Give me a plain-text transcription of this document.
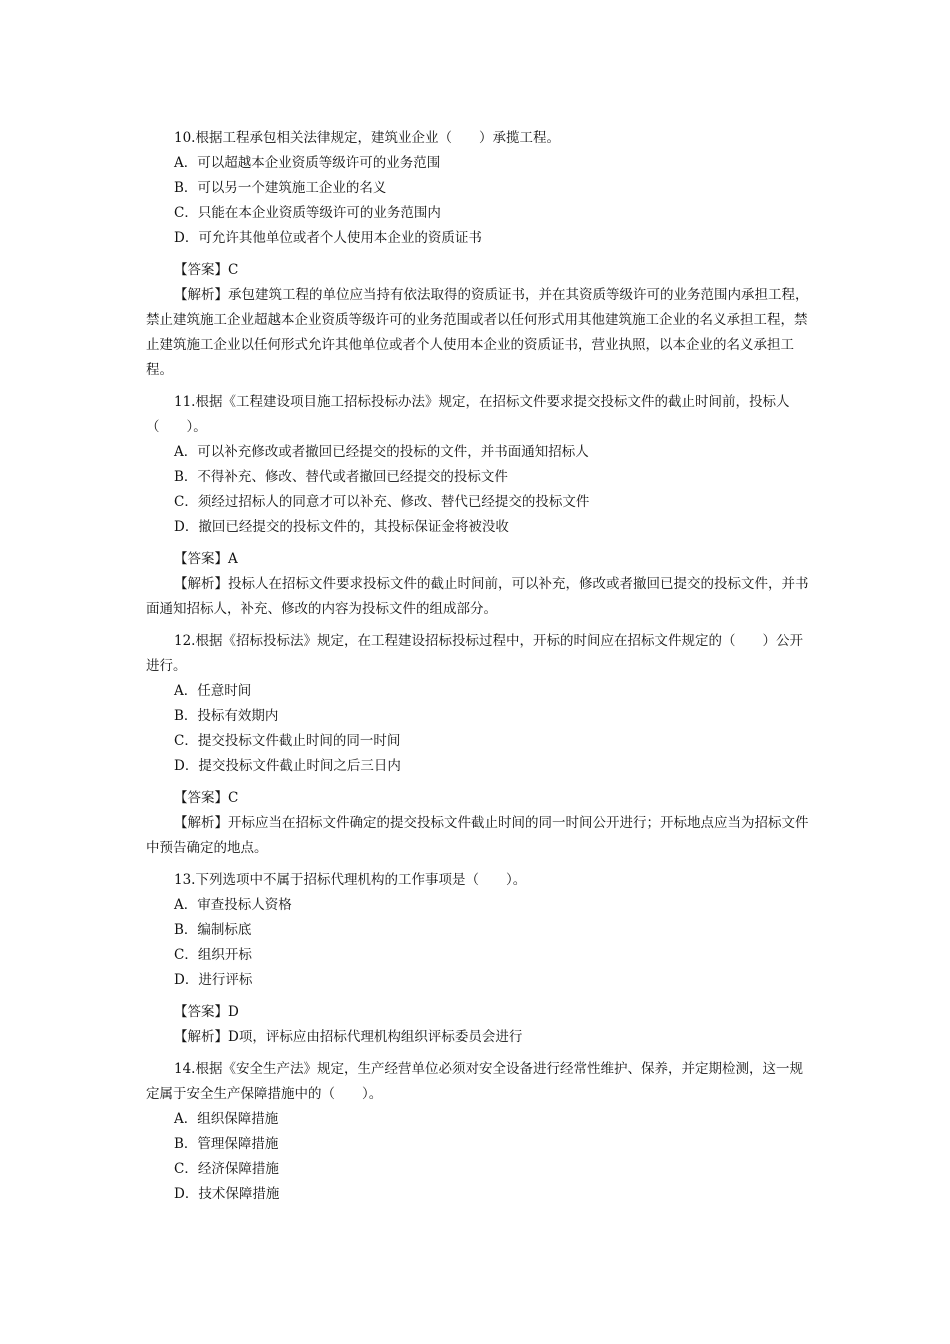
10.根据工程承包相关法律规定，建筑业企业（　　）承揽工程。

A．可以超越本企业资质等级许可的业务范围

B．可以另一个建筑施工企业的名义

C．只能在本企业资质等级许可的业务范围内

D．可允许其他单位或者个人使用本企业的资质证书

【答案】C

【解析】承包建筑工程的单位应当持有依法取得的资质证书，并在其资质等级许可的业务范围内承担工程，禁止建筑施工企业超越本企业资质等级许可的业务范围或者以任何形式用其他建筑施工企业的名义承担工程，禁止建筑施工企业以任何形式允许其他单位或者个人使用本企业的资质证书，营业执照，以本企业的名义承担工程。

11.根据《工程建设项目施工招标投标办法》规定，在招标文件要求提交投标文件的截止时间前，投标人（　　）。

A．可以补充修改或者撤回已经提交的投标的文件，并书面通知招标人

B．不得补充、修改、替代或者撤回已经提交的投标文件

C．须经过招标人的同意才可以补充、修改、替代已经提交的投标文件

D．撤回已经提交的投标文件的，其投标保证金将被没收

【答案】A

【解析】投标人在招标文件要求投标文件的截止时间前，可以补充，修改或者撤回已提交的投标文件，并书面通知招标人，补充、修改的内容为投标文件的组成部分。

12.根据《招标投标法》规定，在工程建设招标投标过程中，开标的时间应在招标文件规定的（　　）公开进行。

A．任意时间

B．投标有效期内

C．提交投标文件截止时间的同一时间

D．提交投标文件截止时间之后三日内

【答案】C

【解析】开标应当在招标文件确定的提交投标文件截止时间的同一时间公开进行；开标地点应当为招标文件中预告确定的地点。

13.下列选项中不属于招标代理机构的工作事项是（　　）。

A．审查投标人资格

B．编制标底

C．组织开标

D．进行评标

【答案】D

【解析】D项，评标应由招标代理机构组织评标委员会进行

14.根据《安全生产法》规定，生产经营单位必须对安全设备进行经常性维护、保养，并定期检测，这一规定属于安全生产保障措施中的（　　）。

A．组织保障措施

B．管理保障措施

C．经济保障措施

D．技术保障措施
